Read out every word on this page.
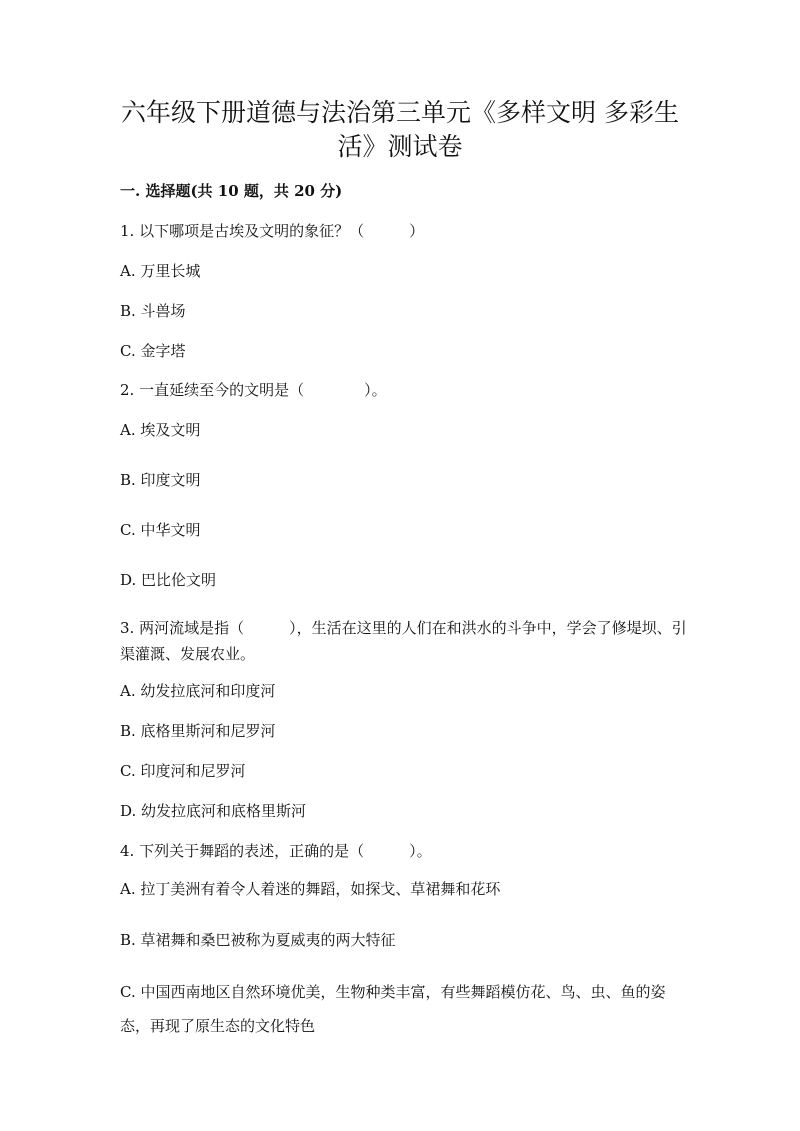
六年级下册道德与法治第三单元《多样文明 多彩生活》测试卷
一. 选择题(共 10 题，共 20 分)
1. 以下哪项是古埃及文明的象征？（　　　）
A. 万里长城
B. 斗兽场
C. 金字塔
2. 一直延续至今的文明是（　　　　）。
A. 埃及文明
B. 印度文明
C. 中华文明
D. 巴比伦文明
3. 两河流域是指（　　　），生活在这里的人们在和洪水的斗争中，学会了修堤坝、引渠灌溉、发展农业。
A. 幼发拉底河和印度河
B. 底格里斯河和尼罗河
C. 印度河和尼罗河
D. 幼发拉底河和底格里斯河
4. 下列关于舞蹈的表述，正确的是（　　　）。
A. 拉丁美洲有着令人着迷的舞蹈，如探戈、草裙舞和花环
B. 草裙舞和桑巴被称为夏威夷的两大特征
C. 中国西南地区自然环境优美，生物种类丰富，有些舞蹈模仿花、鸟、虫、鱼的姿 态，再现了原生态的文化特色
